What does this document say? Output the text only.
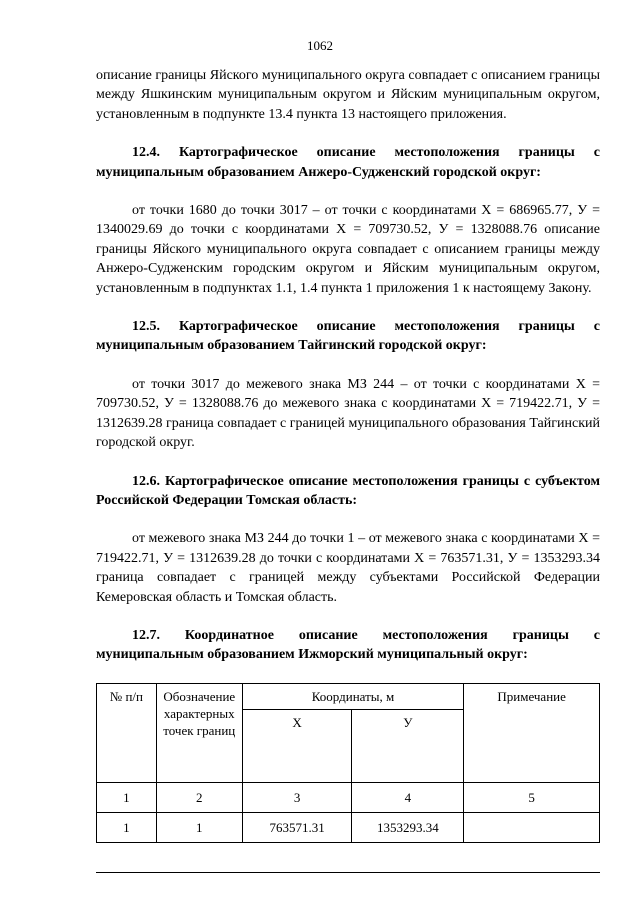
1062

описание границы Яйского муниципального округа совпадает с описанием границы между Яшкинским муниципальным округом и Яйским муниципальным округом, установленным в подпункте 13.4 пункта 13 настоящего приложения.

12.4. Картографическое описание местоположения границы с муниципальным образованием Анжеро-Судженский городской округ:

от точки 1680 до точки 3017 – от точки с координатами X = 686965.77, У = 1340029.69 до точки с координатами X = 709730.52, У = 1328088.76 описание границы Яйского муниципального округа совпадает с описанием границы между Анжеро-Судженским городским округом и Яйским муниципальным округом, установленным в подпунктах 1.1, 1.4 пункта 1 приложения 1 к настоящему Закону.

12.5. Картографическое описание местоположения границы с муниципальным образованием Тайгинский городской округ:

от точки 3017 до межевого знака МЗ 244 – от точки с координатами X = 709730.52, У = 1328088.76 до межевого знака с координатами X = 719422.71, У = 1312639.28 граница совпадает с границей муниципального образования Тайгинский городской округ.

12.6. Картографическое описание местоположения границы с субъектом Российской Федерации Томская область:

от межевого знака МЗ 244 до точки 1 – от межевого знака с координатами X = 719422.71, У = 1312639.28 до точки с координатами X = 763571.31, У = 1353293.34 граница совпадает с границей между субъектами Российской Федерации Кемеровская область и Томская область.

12.7. Координатное описание местоположения границы с муниципальным образованием Ижморский муниципальный округ:

№ п/п	Обозначение характерных точек границ	Координаты, м		Примечание
		X	У	
1	2	3	4	5
1	1	763571.31	1353293.34	
